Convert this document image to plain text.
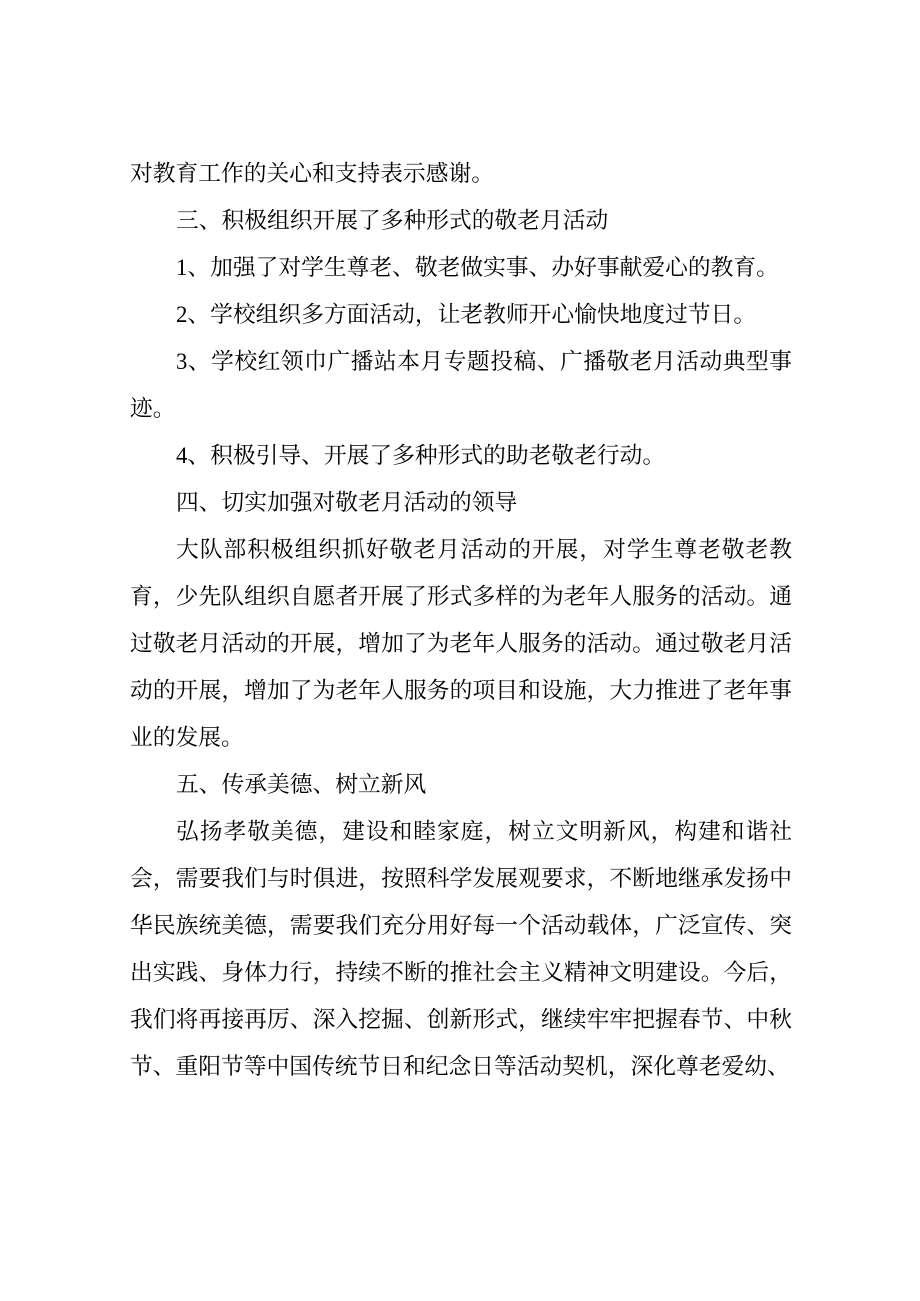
对教育工作的关心和支持表示感谢。

三、积极组织开展了多种形式的敬老月活动

1、加强了对学生尊老、敬老做实事、办好事献爱心的教育。

2、学校组织多方面活动，让老教师开心愉快地度过节日。

3、学校红领巾广播站本月专题投稿、广播敬老月活动典型事迹。

4、积极引导、开展了多种形式的助老敬老行动。

四、切实加强对敬老月活动的领导

大队部积极组织抓好敬老月活动的开展，对学生尊老敬老教育，少先队组织自愿者开展了形式多样的为老年人服务的活动。通过敬老月活动的开展，增加了为老年人服务的活动。通过敬老月活动的开展，增加了为老年人服务的项目和设施，大力推进了老年事业的发展。

五、传承美德、树立新风

弘扬孝敬美德，建设和睦家庭，树立文明新风，构建和谐社会，需要我们与时俱进，按照科学发展观要求，不断地继承发扬中华民族统美德，需要我们充分用好每一个活动载体，广泛宣传、突出实践、身体力行，持续不断的推社会主义精神文明建设。今后，我们将再接再厉、深入挖掘、创新形式，继续牢牢把握春节、中秋节、重阳节等中国传统节日和纪念日等活动契机，深化尊老爱幼、
